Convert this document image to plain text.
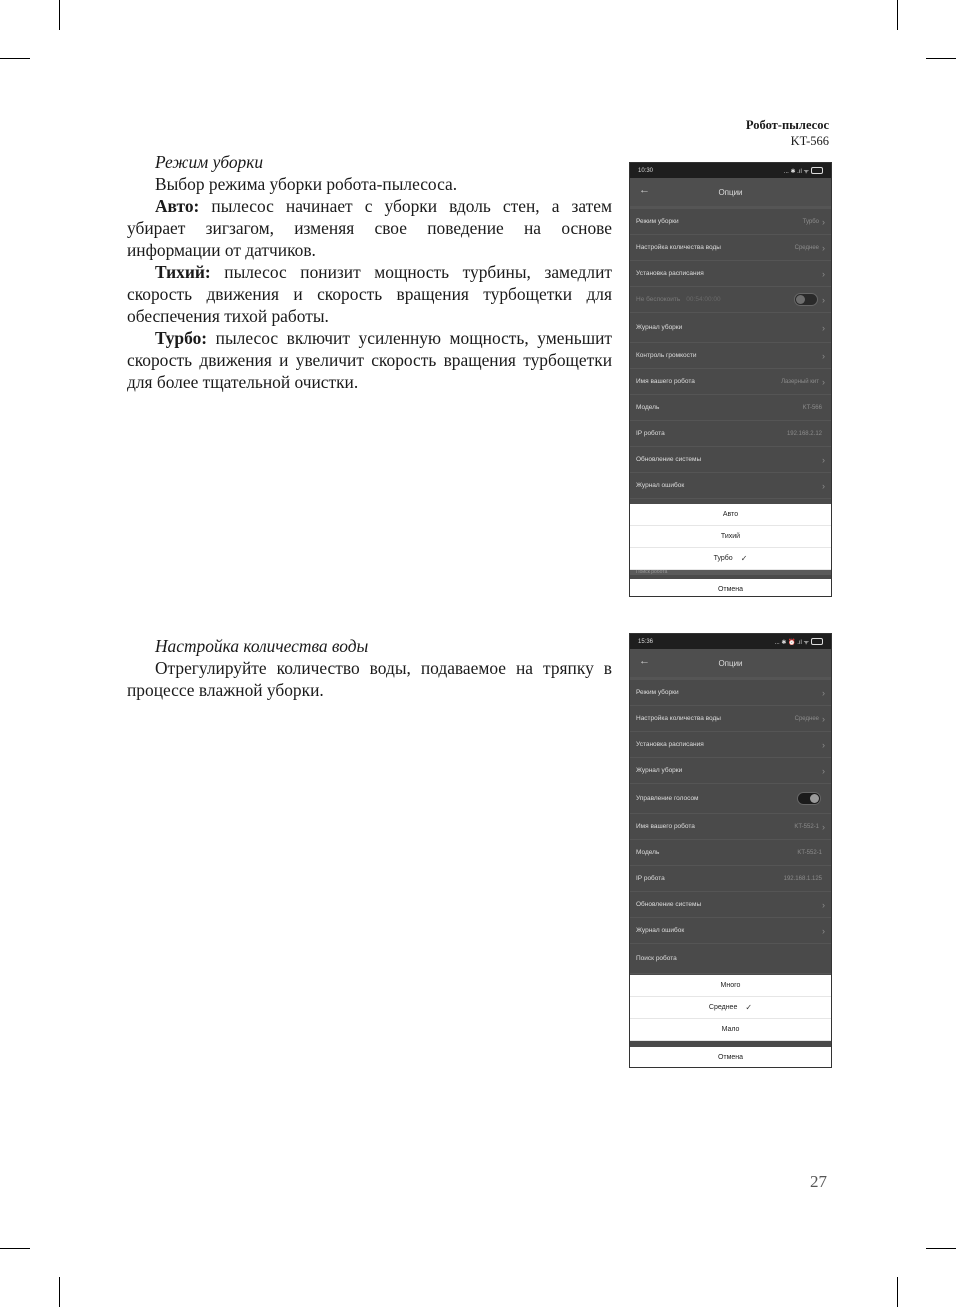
Робот-пылесос
KT-566

Режим уборки

Выбор режима уборки робота-пылесоса.

Авто: пылесос начинает с уборки вдоль стен, а затем убирает зигзагом, изменяя свое поведение на основе информации от датчиков.

Тихий: пылесос понизит мощность турбины, замедлит скорость движения и скорость вращения турбощетки для обеспечения тихой работы.

Турбо: пылесос включит усиленную мощность, уменьшит скорость движения и увеличит скорость вращения турбощетки для более тщательной очистки.

Настройка количества воды

Отрегулируйте количество воды, подаваемое на тряпку в процессе влажной уборки.

10:30	... ✱ .ıl ᯤ
←	Опции
Режим уборки	Турбо ›
Настройка количества воды	Среднее ›
Установка расписания	›
Не беспокоить 00:54:00:00	›
Журнал уборки	›
Контроль громкости	›
Имя вашего робота	Лазерный кит ›
Модель	KT-566
IP робота	192.168.2.12
Обновление системы	›
Журнал ошибок	›
Авто
Тихий
Турбо ✓
Поиск робота
Отмена
15:36	... ✱ ⏰ .ıl ᯤ
←	Опции
Режим уборки	›
Настройка количества воды	Среднее ›
Установка расписания	›
Журнал уборки	›
Управление голосом
Имя вашего робота	KT-552-1 ›
Модель	KT-552-1
IP робота	192.168.1.125
Обновление системы	›
Журнал ошибок	›
Поиск робота
Много
Среднее ✓
Мало
Отмена
27
